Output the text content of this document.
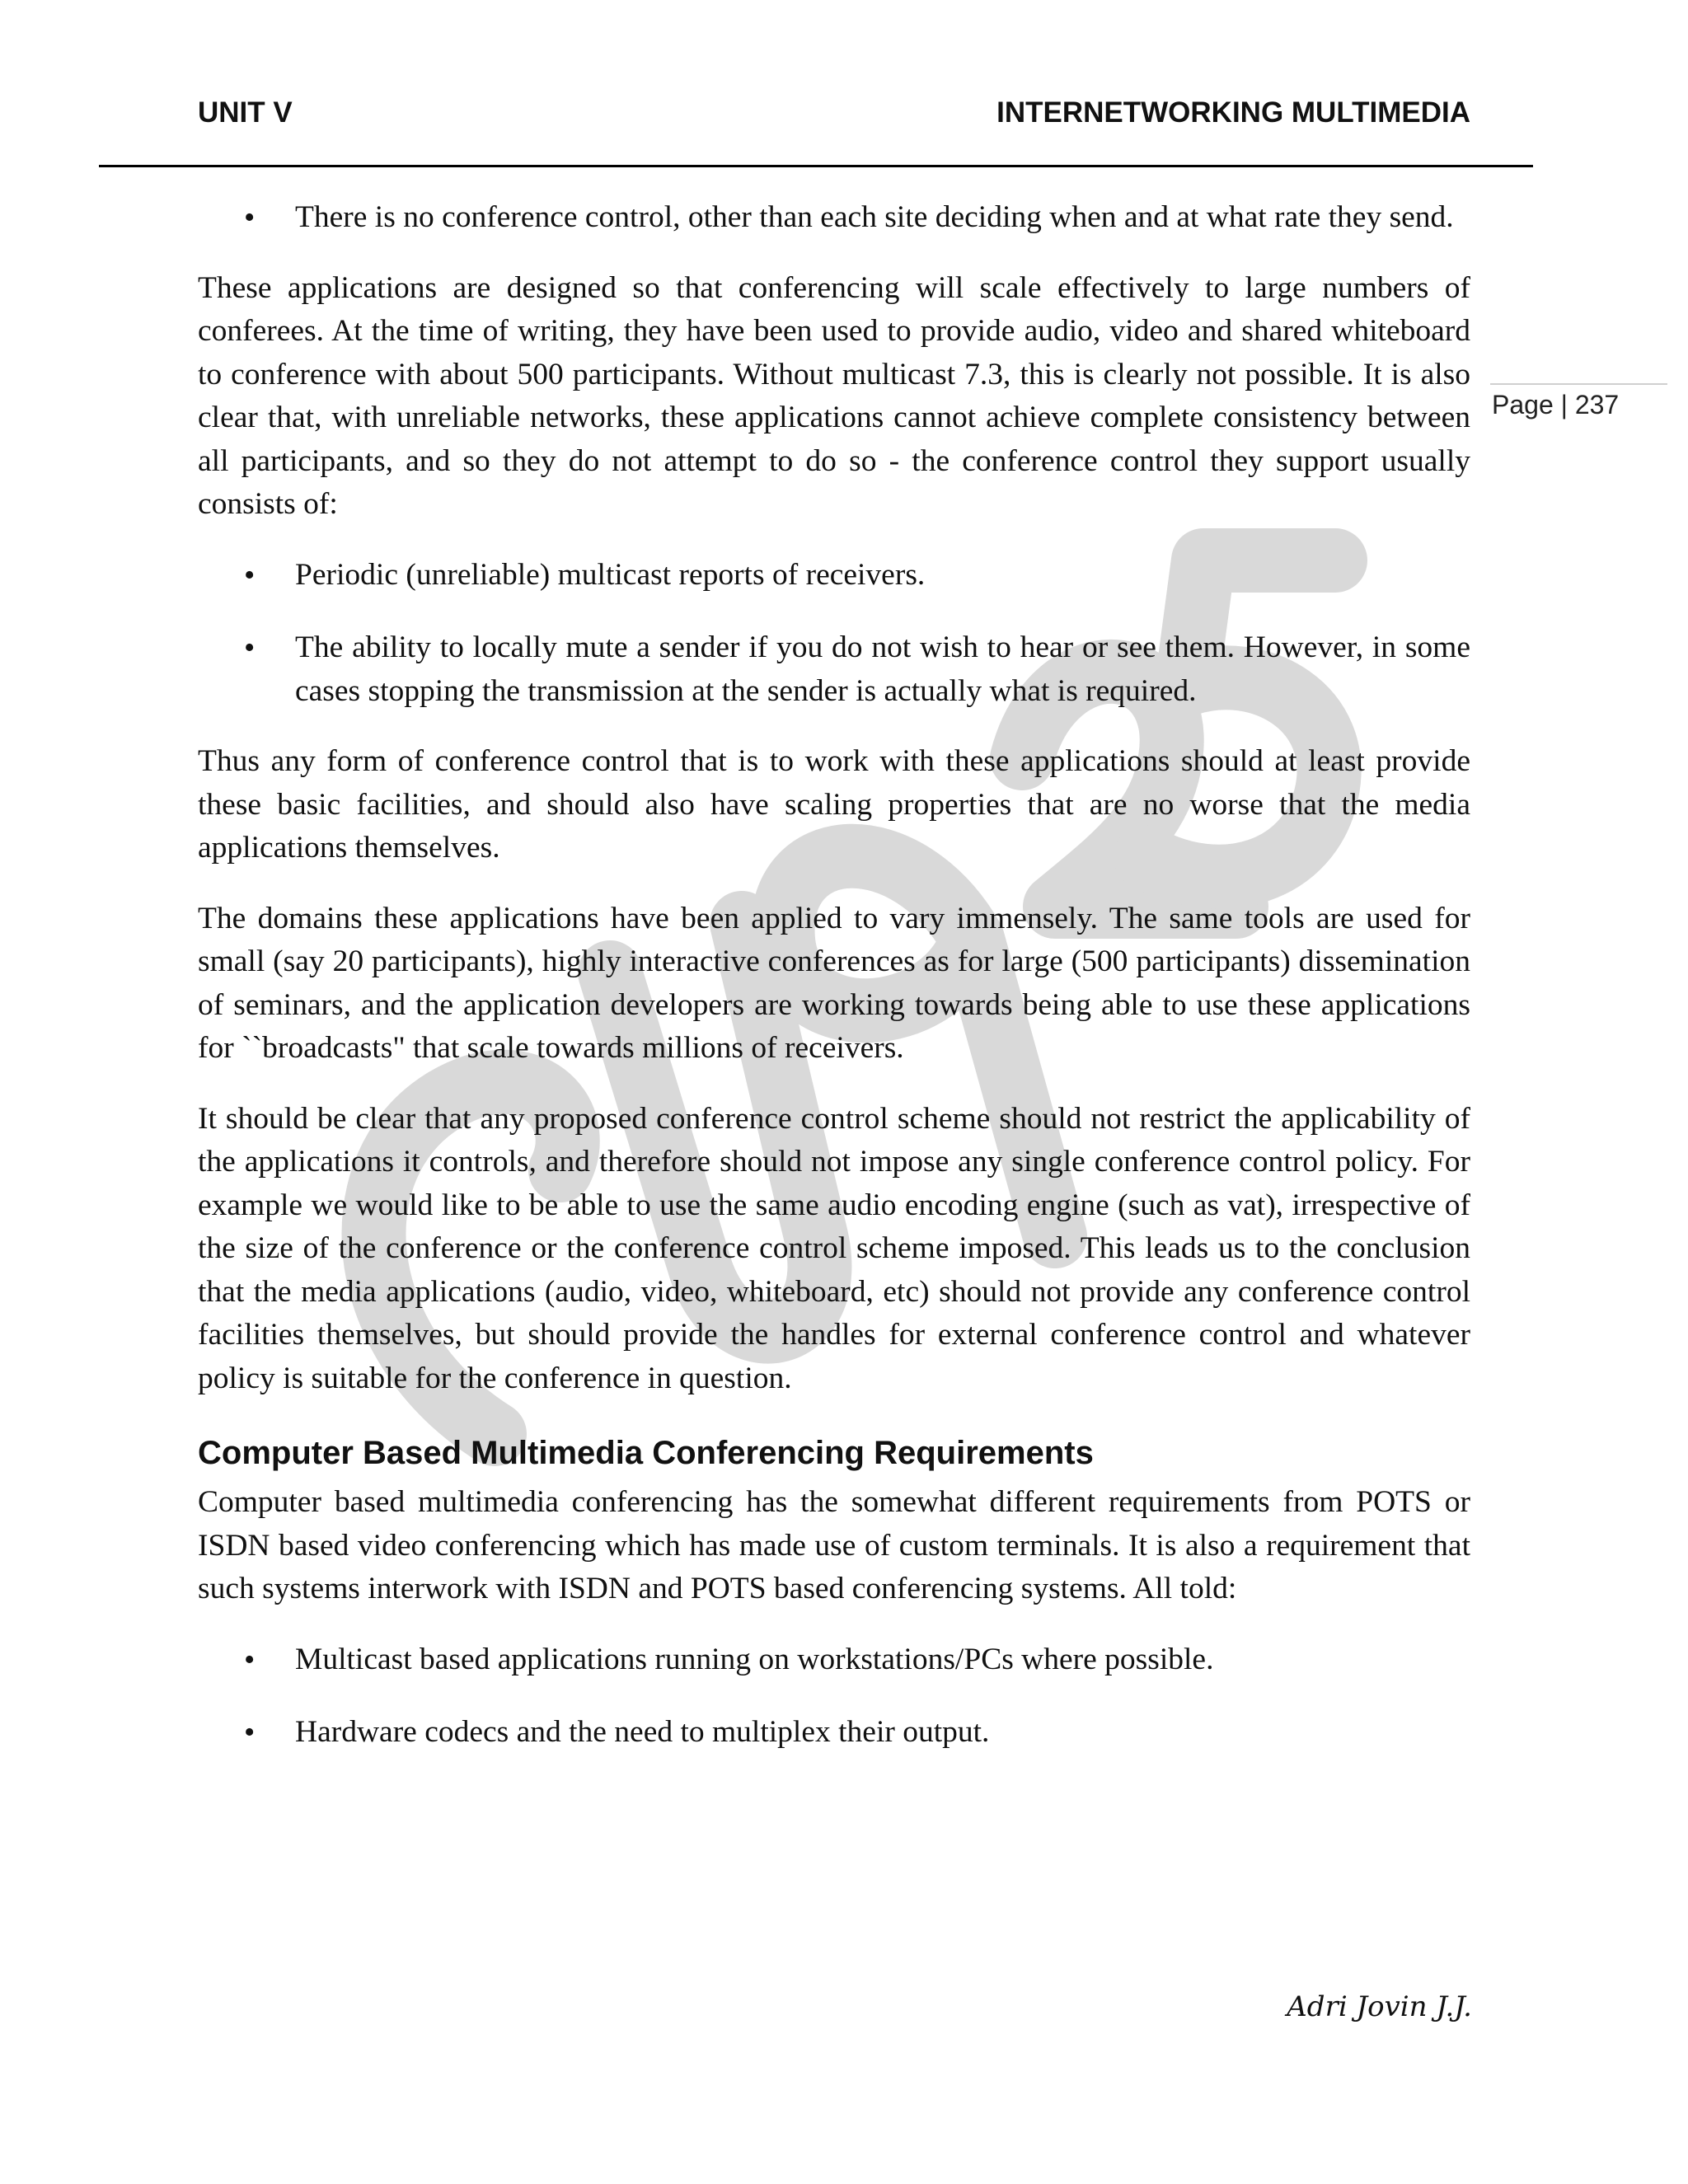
UNIT V	INTERNETWORKING MULTIMEDIA
Page | 237
• There is no conference control, other than each site deciding when and at what rate they send.

These applications are designed so that conferencing will scale effectively to large numbers of conferees. At the time of writing, they have been used to provide audio, video and shared whiteboard to conference with about 500 participants. Without multicast 7.3, this is clearly not possible. It is also clear that, with unreliable networks, these applications cannot achieve complete consistency between all participants, and so they do not attempt to do so - the conference control they support usually consists of:

• Periodic (unreliable) multicast reports of receivers.
• The ability to locally mute a sender if you do not wish to hear or see them. However, in some cases stopping the transmission at the sender is actually what is required.

Thus any form of conference control that is to work with these applications should at least provide these basic facilities, and should also have scaling properties that are no worse that the media applications themselves.

The domains these applications have been applied to vary immensely. The same tools are used for small (say 20 participants), highly interactive conferences as for large (500 participants) dissemination of seminars, and the application developers are working towards being able to use these applications for ``broadcasts" that scale towards millions of receivers.

It should be clear that any proposed conference control scheme should not restrict the applicability of the applications it controls, and therefore should not impose any single conference control policy. For example we would like to be able to use the same audio encoding engine (such as vat), irrespective of the size of the conference or the conference control scheme imposed. This leads us to the conclusion that the media applications (audio, video, whiteboard, etc) should not provide any conference control facilities themselves, but should provide the handles for external conference control and whatever policy is suitable for the conference in question.

Computer Based Multimedia Conferencing Requirements

Computer based multimedia conferencing has the somewhat different requirements from POTS or ISDN based video conferencing which has made use of custom terminals. It is also a requirement that such systems interwork with ISDN and POTS based conferencing systems. All told:

• Multicast based applications running on workstations/PCs where possible.
• Hardware codecs and the need to multiplex their output.
Adri Jovin J.J.
